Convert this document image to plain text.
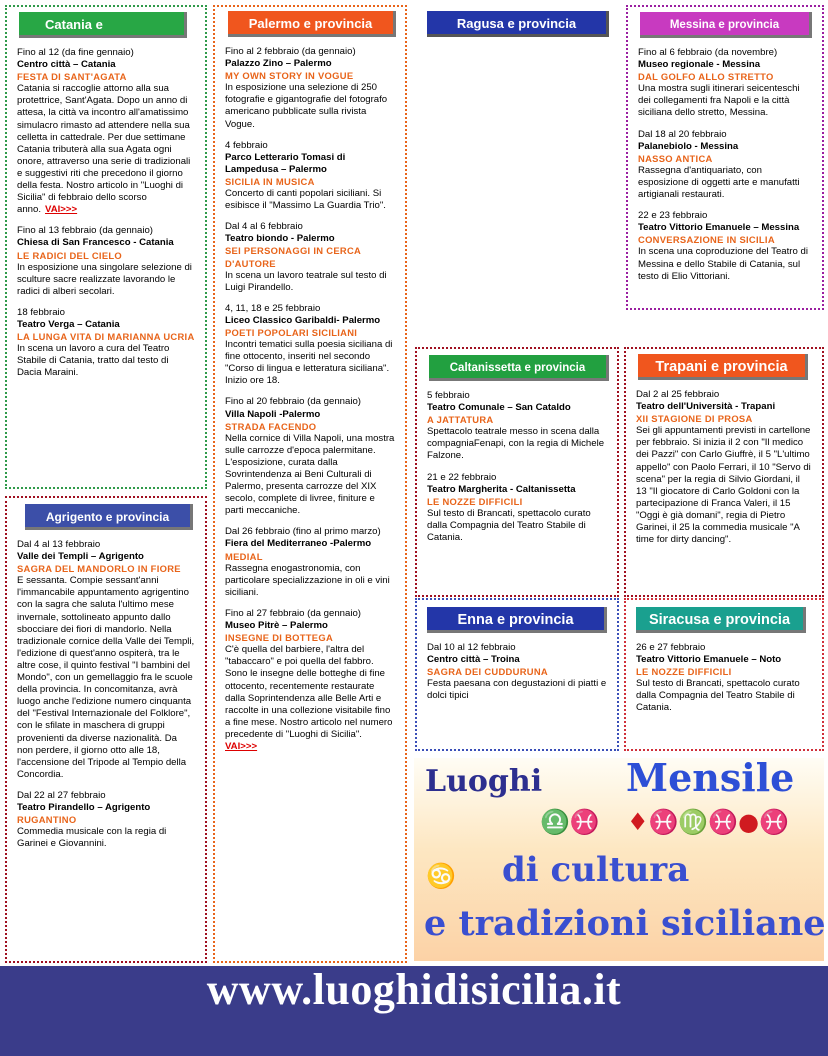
Catania e
Fino al 12 (da fine gennaio)
Centro città – Catania
FESTA DI SANT'AGATA
Catania si raccoglie attorno alla sua protettrice, Sant'Agata. Dopo un anno di attesa, la città va incontro all'amatissimo simulacro rimasto ad attendere nella sua celletta in cattedrale. Per due settimane Catania tributerà alla sua Agata ogni onore, attraverso una serie di tradizionali e suggestivi riti che precedono il giorno della festa. Nostro articolo in "Luoghi di Sicilia" di febbraio dello scorso anno. VAI>>>
Fino al 13 febbraio (da gennaio)
Chiesa di San Francesco - Catania
LE RADICI DEL CIELO
In esposizione una singolare selezione di sculture sacre realizzate lavorando le radici di alberi secolari.
18 febbraio
Teatro Verga – Catania
LA LUNGA VITA DI MARIANNA UCRIA
In scena un lavoro a cura del Teatro Stabile di Catania, tratto dal testo di Dacia Maraini.
Agrigento e provincia
Dal 4 al 13 febbraio
Valle dei Templi – Agrigento
SAGRA DEL MANDORLO IN FIORE
E sessanta. Compie sessant'anni l'immancabile appuntamento agrigentino con la sagra che saluta l'ultimo mese invernale, sottolineato appunto dallo sbocciare dei fiori di mandorlo. Nella tradizionale cornice della Valle dei Templi, l'edizione di quest'anno ospiterà, tra le altre cose, il quinto festival "I bambini del Mondo", con un gemellaggio fra le scuole della provincia. In concomitanza, avrà luogo anche l'edizione numero cinquanta del "Festival Internazionale del Folklore", con le sfilate in maschera di gruppi provenienti da diverse nazionalità. Da non perdere, il giorno otto alle 18, l'accensione del Tripode al Tempio della Concordia.
Dal 22 al 27 febbraio
Teatro Pirandello – Agrigento
RUGANTINO
Commedia musicale con la regia di Garinei e Giovannini.
Palermo e provincia
Fino al 2 febbraio (da gennaio)
Palazzo Zino – Palermo
MY OWN STORY IN VOGUE
In esposizione una selezione di 250 fotografie e gigantografie del fotografo americano pubblicate sulla rivista Vogue.
4 febbraio
Parco Letterario Tomasi di Lampedusa – Palermo
SICILIA IN MUSICA
Concerto di canti popolari siciliani. Si esibisce il "Massimo La Guardia Trio".
Dal 4 al 6 febbraio
Teatro biondo - Palermo
SEI PERSONAGGI IN CERCA D'AUTORE
In scena un lavoro teatrale sul testo di Luigi Pirandello.
4, 11, 18 e 25 febbraio
Liceo Classico Garibaldi- Palermo
POETI POPOLARI SICILIANI
Incontri tematici sulla poesia siciliana di fine ottocento, inseriti nel secondo "Corso di lingua e letteratura siciliana". Inizio ore 18.
Fino al 20 febbraio (da gennaio)
Villa Napoli -Palermo
STRADA FACENDO
Nella cornice di Villa Napoli, una mostra sulle carrozze d'epoca palermitane. L'esposizione, curata dalla Sovrintendenza ai Beni Culturali di Palermo, presenta carrozze del XIX secolo, complete di livree, finiture e parti meccaniche.
Dal 26 febbraio (fino al primo marzo)
Fiera del Mediterraneo -Palermo
MEDIAL
Rassegna enogastronomia, con particolare specializzazione in oli e vini siciliani.
Fino al 27 febbraio (da gennaio)
Museo Pitrè – Palermo
INSEGNE DI BOTTEGA
C'è quella del barbiere, l'altra del "tabaccaro" e poi quella del fabbro. Sono le insegne delle botteghe di fine ottocento, recentemente restaurate dalla Soprintendenza alle Belle Arti e raccolte in una collezione visitabile fino a fine mese. Nostro articolo nel numero precedente di "Luoghi di Sicilia".
VAI>>>
Ragusa e provincia	Messina e provincia
Fino al 6 febbraio (da novembre)
Museo regionale - Messina
DAL GOLFO ALLO STRETTO
Una mostra sugli itinerari seicenteschi dei collegamenti fra Napoli e la città siciliana dello stretto, Messina.
Dal 18 al 20 febbraio
Palanebiolo - Messina
NASSO ANTICA
Rassegna d'antiquariato, con esposizione di oggetti arte e manufatti artigianali restaurati.
22 e 23 febbraio
Teatro Vittorio Emanuele – Messina
CONVERSAZIONE IN SICILIA
In scena una coproduzione del Teatro di Messina e dello Stabile di Catania, sul testo di Elio Vittoriani.
Caltanissetta e provincia
5 febbraio
Teatro Comunale – San Cataldo
A JATTATURA
Spettacolo teatrale messo in scena dalla compagniaFenapi, con la regia di Michele Falzone.
21 e 22 febbraio
Teatro Margherita - Caltanissetta
LE NOZZE DIFFICILI
Sul testo di Brancati, spettacolo curato dalla Compagnia del Teatro Stabile di Catania.
Trapani e provincia
Dal 2 al 25 febbraio
Teatro dell'Università - Trapani
XII STAGIONE DI PROSA
Sei gli appuntamenti previsti in cartellone per febbraio. Si inizia il 2 con "Il medico dei Pazzi" con Carlo Giuffrè, il 5 "L'ultimo appello" con Paolo Ferrari, il 10 "Servo di scena" per la regia di Silvio Giordani, il 13 "Il giocatore di Carlo Goldoni con la partecipazione di Franca Valeri, il 15 "Oggi è già domani", regia di Pietro Garinei, il 25 la commedia musicale "A time for dirty dancing".
Enna e provincia
Dal 10 al 12 febbraio
Centro città – Troina
SAGRA DEI CUDDURUNA
Festa paesana con degustazioni di piatti e dolci tipici
Siracusa e provincia
26 e 27 febbraio
Teatro Vittorio Emanuele – Noto
LE NOZZE DIFFICILI
Sul testo di Brancati, spettacolo curato dalla Compagnia del Teatro Stabile di Catania.
Luoghi Mensile
♎♓ ♦♓♍♓●♓
♋ di cultura
e tradizioni siciliane
www.luoghidisicilia.it
